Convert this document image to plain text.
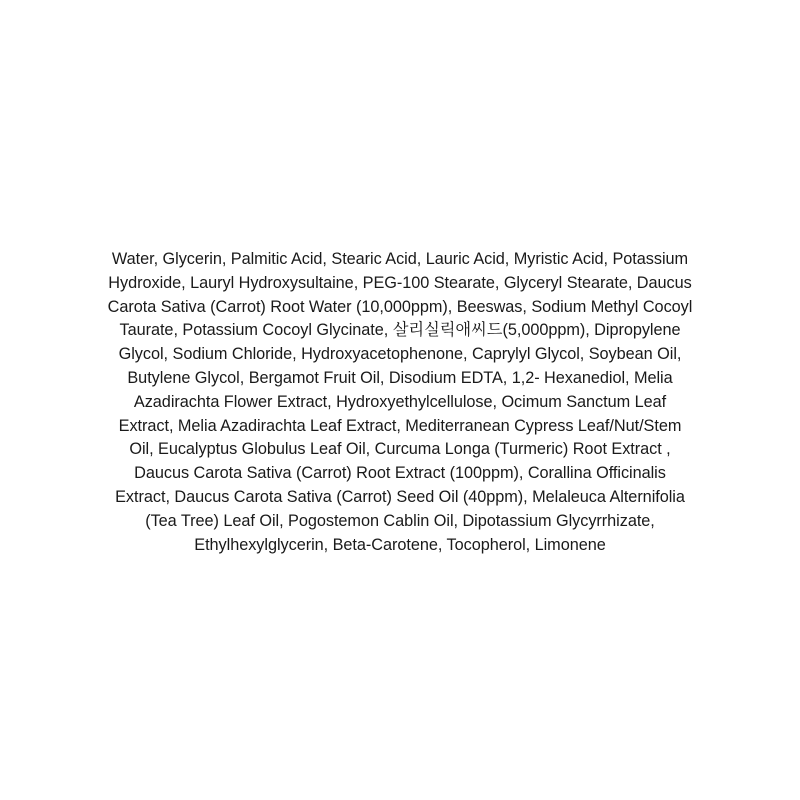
Water, Glycerin, Palmitic Acid, Stearic Acid, Lauric Acid, Myristic Acid, Potassium
Hydroxide, Lauryl Hydroxysultaine, PEG-100 Stearate, Glyceryl Stearate, Daucus
Carota Sativa (Carrot) Root Water (10,000ppm), Beeswas, Sodium Methyl Cocoyl
Taurate, Potassium Cocoyl Glycinate, 살리실릭애씨드(5,000ppm), Dipropylene
Glycol, Sodium Chloride, Hydroxyacetophenone, Caprylyl Glycol, Soybean Oil,
Butylene Glycol, Bergamot Fruit Oil, Disodium EDTA, 1,2- Hexanediol, Melia
Azadirachta Flower Extract, Hydroxyethylcellulose, Ocimum Sanctum Leaf
Extract, Melia Azadirachta Leaf Extract, Mediterranean Cypress Leaf/Nut/Stem
Oil, Eucalyptus Globulus Leaf Oil, Curcuma Longa (Turmeric) Root Extract ,
Daucus Carota Sativa (Carrot) Root Extract (100ppm), Corallina Officinalis
Extract, Daucus Carota Sativa (Carrot) Seed Oil (40ppm), Melaleuca Alternifolia
(Tea Tree) Leaf Oil, Pogostemon Cablin Oil, Dipotassium Glycyrrhizate,
Ethylhexylglycerin, Beta-Carotene, Tocopherol, Limonene
